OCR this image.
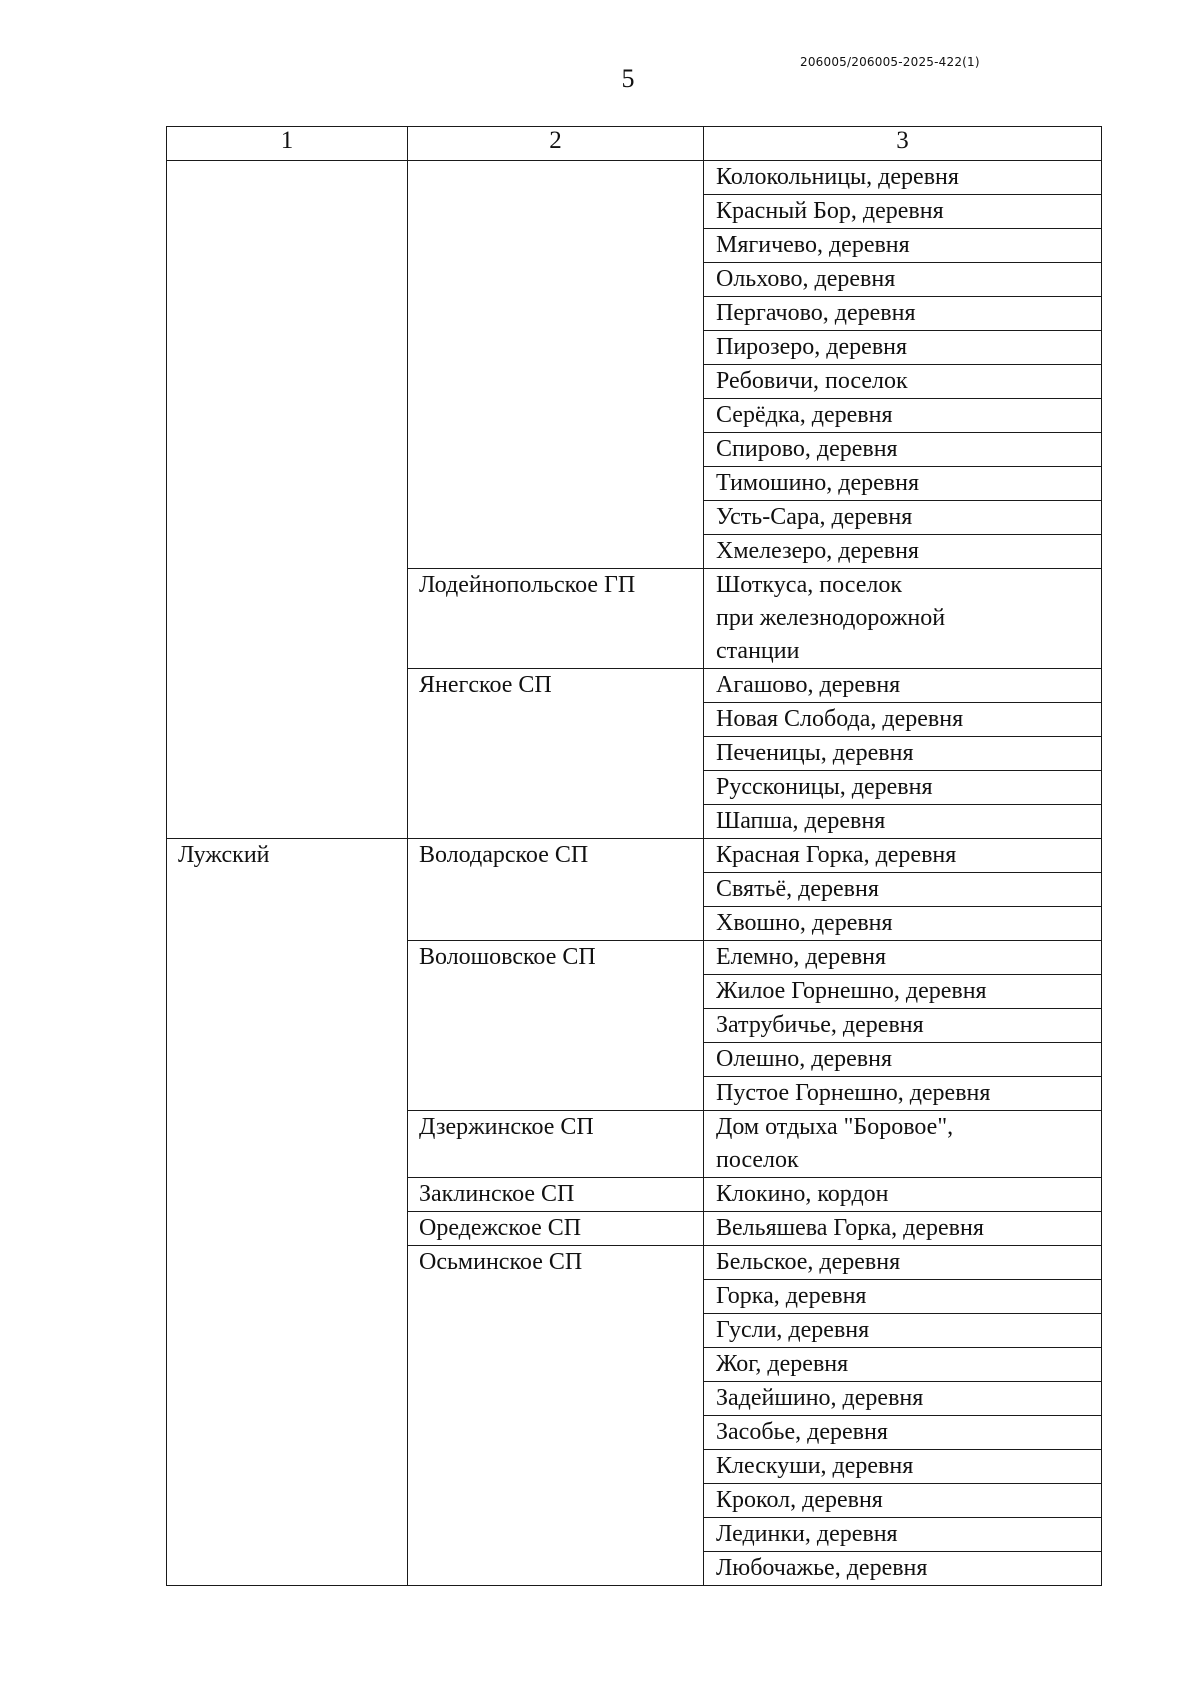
5
206005/206005-2025-422(1)
1	2	3

		Колокольницы, деревня

		Красный Бор, деревня

		Мягичево, деревня

		Ольхово, деревня

		Пергачово, деревня

		Пирозеро, деревня

		Ребовичи, поселок

		Серёдка, деревня

		Спирово, деревня

		Тимошино, деревня

		Усть-Сара, деревня

		Хмелезеро, деревня

	Лодейнопольское ГП	Шоткуса, поселок
при железнодорожной
станции

	Янегское СП	Агашово, деревня

		Новая Слобода, деревня

		Печеницы, деревня

		Руссконицы, деревня

		Шапша, деревня

Лужский	Володарское СП	Красная Горка, деревня

		Святьё, деревня

		Хвошно, деревня

	Волошовское СП	Елемно, деревня

		Жилое Горнешно, деревня

		Затрубичье, деревня

		Олешно, деревня

		Пустое Горнешно, деревня

	Дзержинское СП	Дом отдыха "Боровое",
поселок

	Заклинское СП	Клокино, кордон

	Оредежское СП	Вельяшева Горка, деревня

	Осьминское СП	Бельское, деревня

		Горка, деревня

		Гусли, деревня

		Жог, деревня

		Задейшино, деревня

		Засобье, деревня

		Клескуши, деревня

		Крокол, деревня

		Лединки, деревня

		Любочажье, деревня
